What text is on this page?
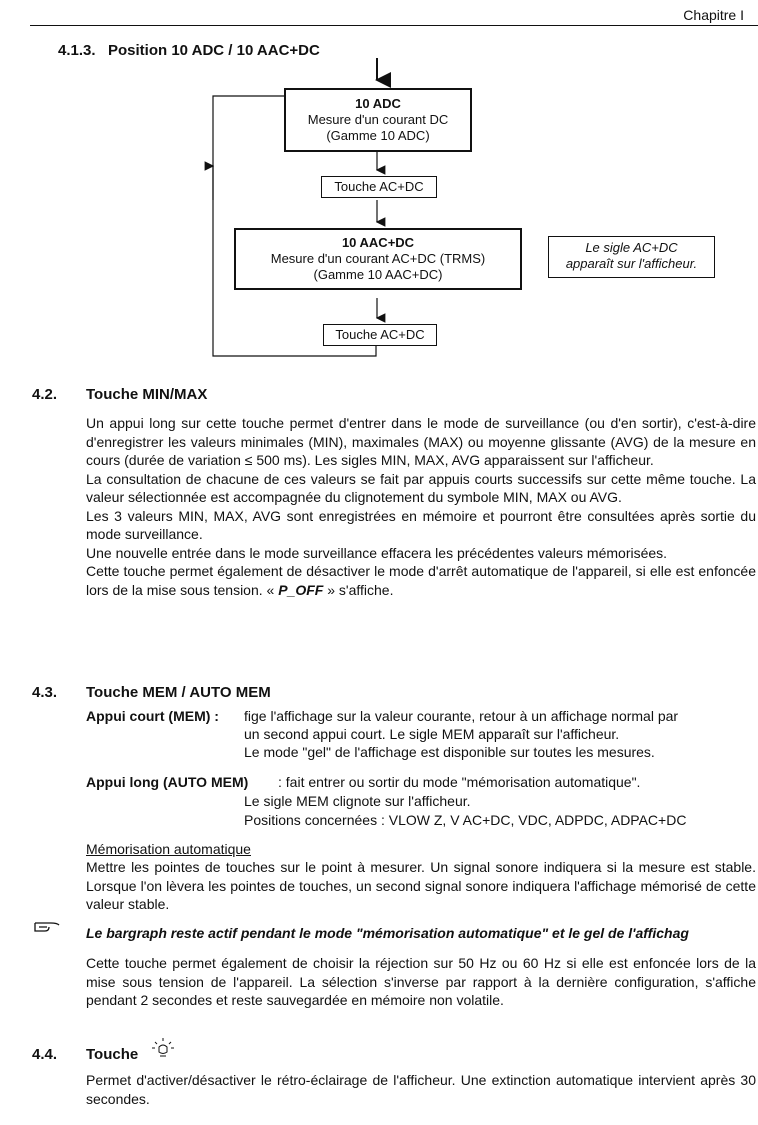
Chapitre I
4.1.3. Position 10 ADC / 10 AAC+DC
10 ADC
Mesure d'un courant DC
(Gamme 10 ADC)
Touche AC+DC
10 AAC+DC
Mesure d'un courant AC+DC (TRMS)
(Gamme 10 AAC+DC)
Touche AC+DC
Le sigle AC+DC
apparaît sur l'afficheur.
4.2. Touche MIN/MAX

Un appui long sur cette touche permet d'entrer dans le mode de surveillance (ou d'en sortir), c'est-à-dire d'enregistrer les valeurs minimales (MIN), maximales (MAX) ou moyenne glissante (AVG) de la mesure en cours (durée de variation ≤ 500 ms). Les sigles MIN, MAX, AVG apparaissent sur l'afficheur.

La consultation de chacune de ces valeurs se fait par appuis courts successifs sur cette même touche. La valeur sélectionnée est accompagnée du clignotement du symbole MIN, MAX ou AVG.

Les 3 valeurs MIN, MAX, AVG sont enregistrées en mémoire et pourront être consultées après sortie du mode surveillance.

Une nouvelle entrée dans le mode surveillance effacera les précédentes valeurs mémorisées.

Cette touche permet également de désactiver le mode d'arrêt automatique de l'appareil, si elle est enfoncée lors de la mise sous tension. « P_OFF » s'affiche.

4.3. Touche MEM / AUTO MEM
Appui court (MEM) : fige l'affichage sur la valeur courante, retour à un affichage normal par
un second appui court. Le sigle MEM apparaît sur l'afficheur.
Le mode "gel" de l'affichage est disponible sur toutes les mesures.
Appui long (AUTO MEM) : fait entrer ou sortir du mode "mémorisation automatique".
Le sigle MEM clignote sur l'afficheur.
Positions concernées : VLOW Z, V AC+DC, VDC, ADPDC, ADPAC+DC
Mémorisation automatique
Mettre les pointes de touches sur le point à mesurer. Un signal sonore indiquera si la mesure est stable. Lorsque l'on lèvera les pointes de touches, un second signal sonore indiquera l'affichage mémorisé de cette valeur stable.
Le bargraph reste actif pendant le mode "mémorisation automatique" et le gel de l'affichag
Cette touche permet également de choisir la réjection sur 50 Hz ou 60 Hz si elle est enfoncée lors de la mise sous tension de l'appareil. La sélection s'inverse par rapport à la dernière configuration, s'affiche pendant 2 secondes et reste sauvegardée en mémoire non volatile.
4.4. Touche
Permet d'activer/désactiver le rétro-éclairage de l'afficheur. Une extinction automatique intervient après 30 secondes.
